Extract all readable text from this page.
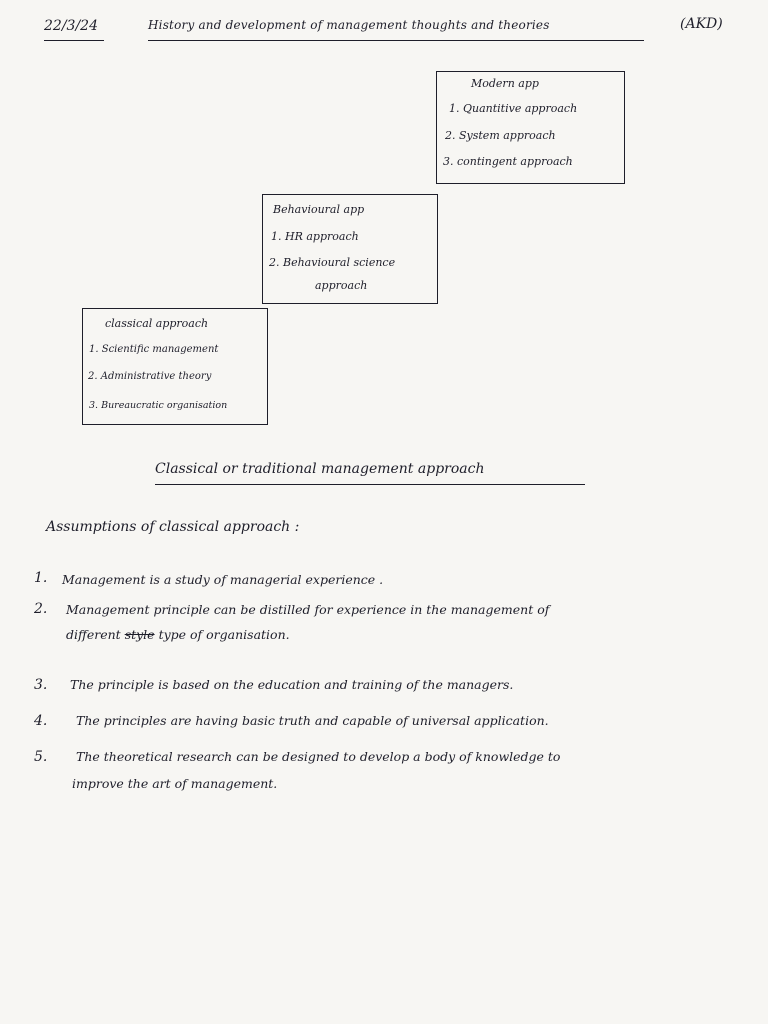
22/3/24	History and development of management thoughts and theories	(AKD)
Modern app
1. Quantitive approach
2. System approach
3. contingent approach
Behavioural app
1. HR approach
2. Behavioural science
approach
classical approach
1. Scientific management
2. Administrative theory
3. Bureaucratic organisation
Classical or traditional management approach
Assumptions of classical approach :
1. Management is a study of managerial experience .
2. Management principle can be distilled for experience in the management of
different style type of organisation.
3. The principle is based on the education and training of the managers.
4. The principles are having basic truth and capable of universal application.
5. The theoretical research can be designed to develop a body of knowledge to
improve the art of management.
